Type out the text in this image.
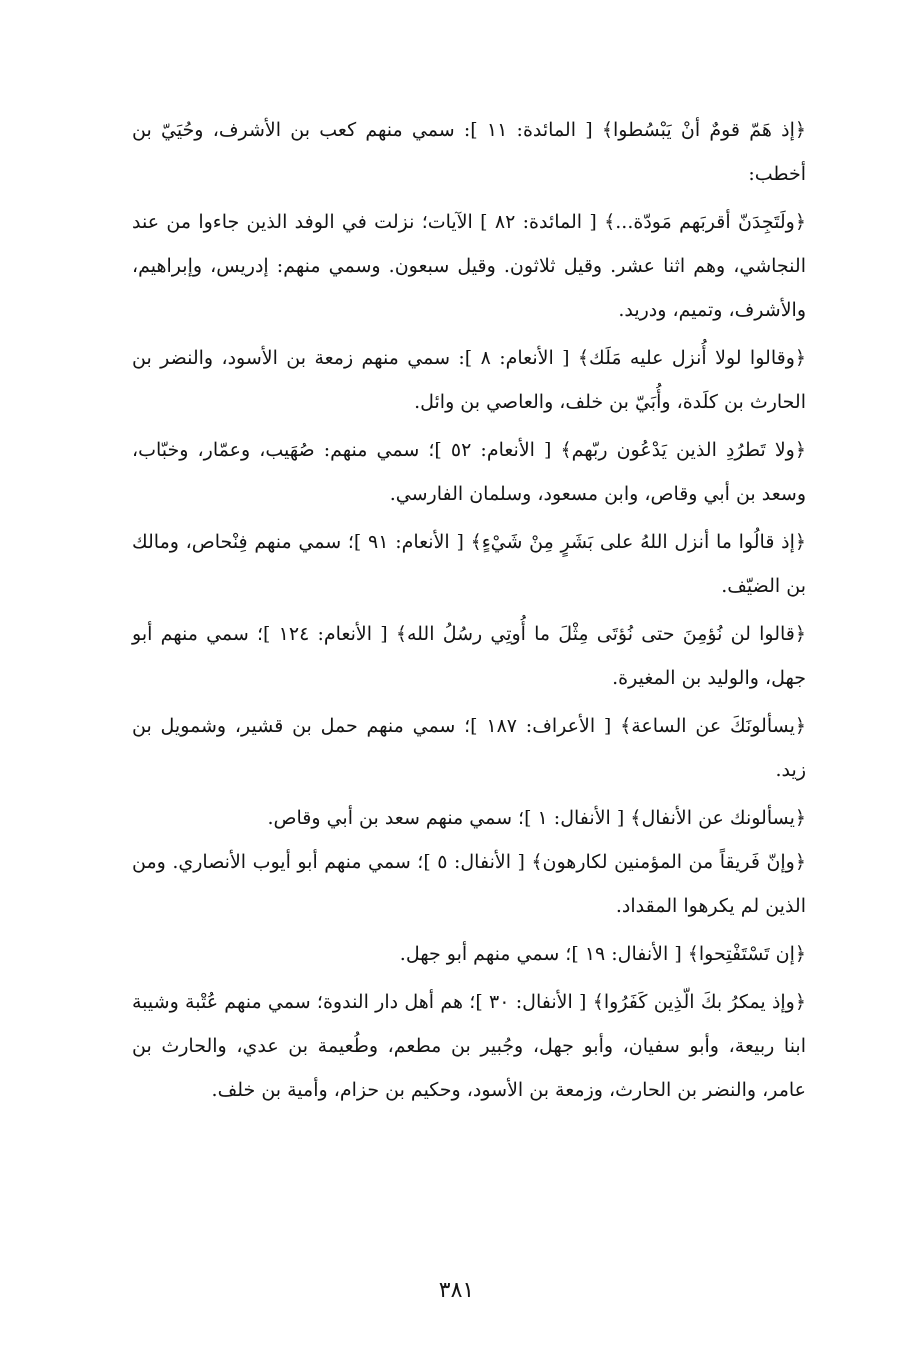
﴿إذ هَمّ قومٌ أنْ يَبْسُطوا﴾ [ المائدة: ١١ ]: سمي منهم كعب بن الأشرف، وحُيَيّ بن أخطب:

﴿ولَتَجِدَنّ أقربَهم مَودّة...﴾ [ المائدة: ٨٢ ] الآيات؛ نزلت في الوفد الذين جاءوا من عند النجاشي، وهم اثنا عشر. وقيل ثلاثون. وقيل سبعون. وسمي منهم: إدريس، وإبراهيم، والأشرف، وتميم، ودريد.

﴿وقالوا لولا أُنزل عليه مَلَك﴾ [ الأنعام: ٨ ]: سمي منهم زمعة بن الأسود، والنضر بن الحارث بن كلَدة، وأُبَيّ بن خلف، والعاصي بن وائل.

﴿ولا تَطرُدِ الذين يَدْعُون ربّهم﴾ [ الأنعام: ٥٢ ]؛ سمي منهم: صُهَيب، وعمّار، وخبّاب، وسعد بن أبي وقاص، وابن مسعود، وسلمان الفارسي.

﴿إذ قالُوا ما أنزل اللهُ على بَشَرٍ مِنْ شَيْءٍ﴾ [ الأنعام: ٩١ ]؛ سمي منهم فِنْحاص، ومالك بن الضيّف.

﴿قالوا لن نُؤمِنَ حتى نُؤتَى مِثْلَ ما أُوتِي رسُلُ الله﴾ [ الأنعام: ١٢٤ ]؛ سمي منهم أبو جهل، والوليد بن المغيرة.

﴿يسألونَكَ عن الساعة﴾ [ الأعراف: ١٨٧ ]؛ سمي منهم حمل بن قشير، وشمويل بن زيد.

﴿يسألونك عن الأنفال﴾ [ الأنفال: ١ ]؛ سمي منهم سعد بن أبي وقاص.

﴿وإنّ فَريقاً من المؤمنين لكارهون﴾ [ الأنفال: ٥ ]؛ سمي منهم أبو أيوب الأنصاري. ومن الذين لم يكرهوا المقداد.

﴿إن تَسْتَفْتِحوا﴾ [ الأنفال: ١٩ ]؛ سمي منهم أبو جهل.

﴿وإذ يمكرُ بكَ الّذِين كَفَرُوا﴾ [ الأنفال: ٣٠ ]؛ هم أهل دار الندوة؛ سمي منهم عُتْبة وشيبة ابنا ربيعة، وأبو سفيان، وأبو جهل، وجُبير بن مطعم، وطُعيمة بن عدي، والحارث بن عامر، والنضر بن الحارث، وزمعة بن الأسود، وحكيم بن حزام، وأمية بن خلف.

٣٨١
